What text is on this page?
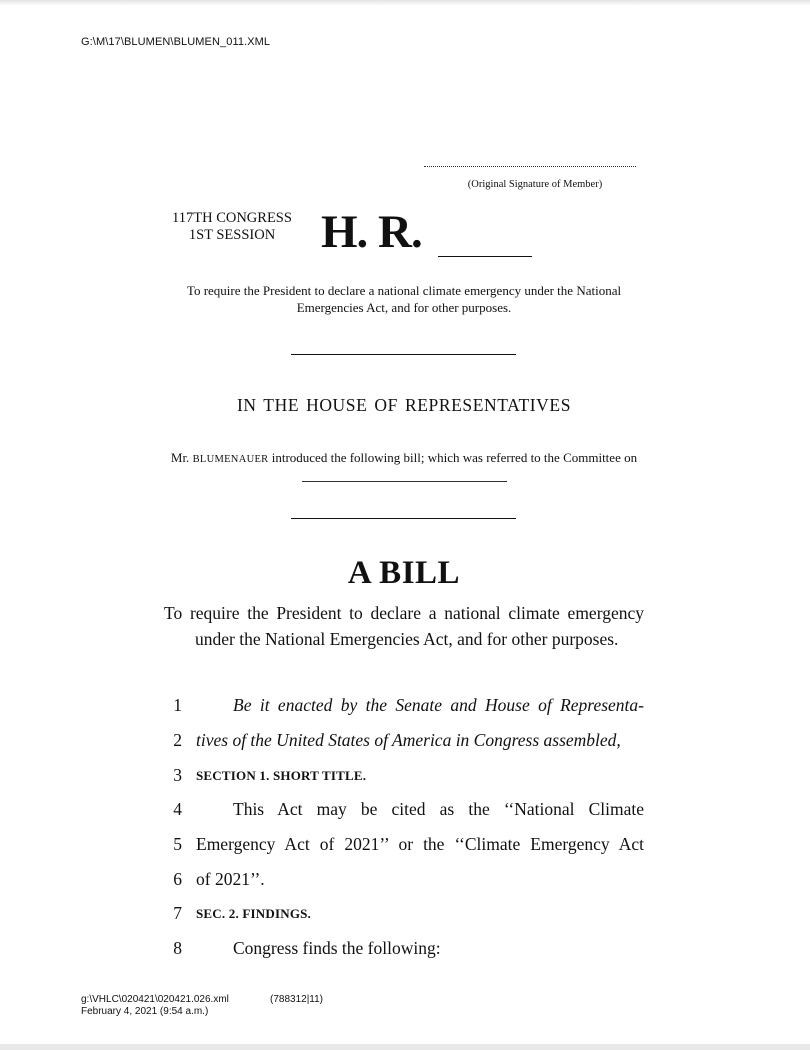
G:\M\17\BLUMEN\BLUMEN_011.XML
(Original Signature of Member)
117TH CONGRESS
1ST SESSION H. R.
To require the President to declare a national climate emergency under the National Emergencies Act, and for other purposes.
IN THE HOUSE OF REPRESENTATIVES
Mr. BLUMENAUER introduced the following bill; which was referred to the Committee on
A BILL
To require the President to declare a national climate emergency under the National Emergencies Act, and for other purposes.
1	Be it enacted by the Senate and House of Representa-
2 tives of the United States of America in Congress assembled,
3 SECTION 1. SHORT TITLE.
4	This Act may be cited as the ‘‘National Climate
5 Emergency Act of 2021’’ or the ‘‘Climate Emergency Act
6 of 2021’’.
7 SEC. 2. FINDINGS.
8	Congress finds the following:
g:\VHLC\020421\020421.026.xml
February 4, 2021 (9:54 a.m.)
(788312|11)
